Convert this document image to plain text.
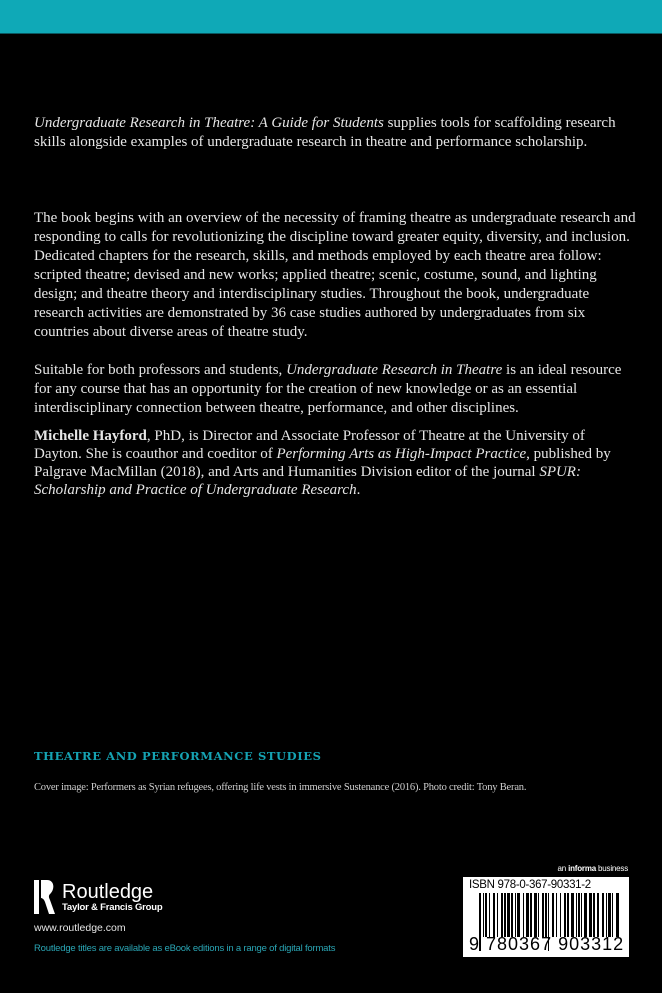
Undergraduate Research in Theatre: A Guide for Students supplies tools for scaffolding research skills alongside examples of undergraduate research in theatre and performance scholarship.

The book begins with an overview of the necessity of framing theatre as undergraduate research and responding to calls for revolutionizing the discipline toward greater equity, diversity, and inclusion. Dedicated chapters for the research, skills, and methods employed by each theatre area follow: scripted theatre; devised and new works; applied theatre; scenic, costume, sound, and lighting design; and theatre theory and interdisciplinary studies. Throughout the book, undergraduate research activities are demonstrated by 36 case studies authored by undergraduates from six countries about diverse areas of theatre study.

Suitable for both professors and students, Undergraduate Research in Theatre is an ideal resource for any course that has an opportunity for the creation of new knowledge or as an essential interdisciplinary connection between theatre, performance, and other disciplines.

Michelle Hayford, PhD, is Director and Associate Professor of Theatre at the University of Dayton. She is coauthor and coeditor of Performing Arts as High-Impact Practice, published by Palgrave MacMillan (2018), and Arts and Humanities Division editor of the journal SPUR: Scholarship and Practice of Undergraduate Research.

THEATRE AND PERFORMANCE STUDIES
Cover image: Performers as Syrian refugees, offering life vests in immersive Sustenance (2016). Photo credit: Tony Beran.
Routledge
Taylor & Francis Group
www.routledge.com
Routledge titles are available as eBook editions in a range of digital formats
an informa business
ISBN 978-0-367-90331-2
9 780367 903312
